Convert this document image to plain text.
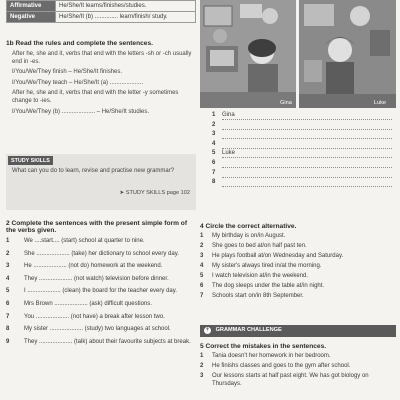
Affirmative	He/She/It learns/finishes/studies.
Negative	He/She/It (b) .............. learn/finish/ study.
1b Read the rules and complete the sentences.

After he, she and it, verbs that end with the letters -sh or -ch usually end in -es.

I/You/We/They finish – He/She/It finishes.

I/You/We/They teach – He/She/It (a) ....................

After he, she and it, verbs that end with the letter -y sometimes change to -ies.

I/You/We/They (b) .................... – He/She/It studies.

STUDY SKILLS
What can you do to learn, revise and practise new grammar?
➤ STUDY SKILLS page 102
2 Complete the sentences with the present simple form of the verbs given.
1 We ....start.... (start) school at quarter to nine.
2 She .................... (take) her dictionary to school every day.
3 He .................... (not do) homework at the weekend.
4 They .................... (not watch) television before dinner.
5 I .................... (clean) the board for the teacher every day.
6 Mrs Brown .................... (ask) difficult questions.
7 You .................... (not have) a break after lesson two.
8 My sister .................... (study) two languages at school.
9 They .................... (talk) about their favourite subjects at break.
Gina	Luke
1 Gina
2
3
4
5 Luke
6
7
8
4 Circle the correct alternative.
1 My birthday is on/in August.
2 She goes to bed at/on half past ten.
3 He plays football at/on Wednesday and Saturday.
4 My sister's always tired in/at the morning.
5 I watch television at/in the weekend.
6 The dog sleeps under the table at/in night.
7 Schools start on/in 8th September.
+ GRAMMAR CHALLENGE
5 Correct the mistakes in the sentences.
1 Tania doesn't her homework in her bedroom.
2 He finishs classes and goes to the gym after school.
3 Our lessons starts at half past eight. We has got biology on Thursdays.
